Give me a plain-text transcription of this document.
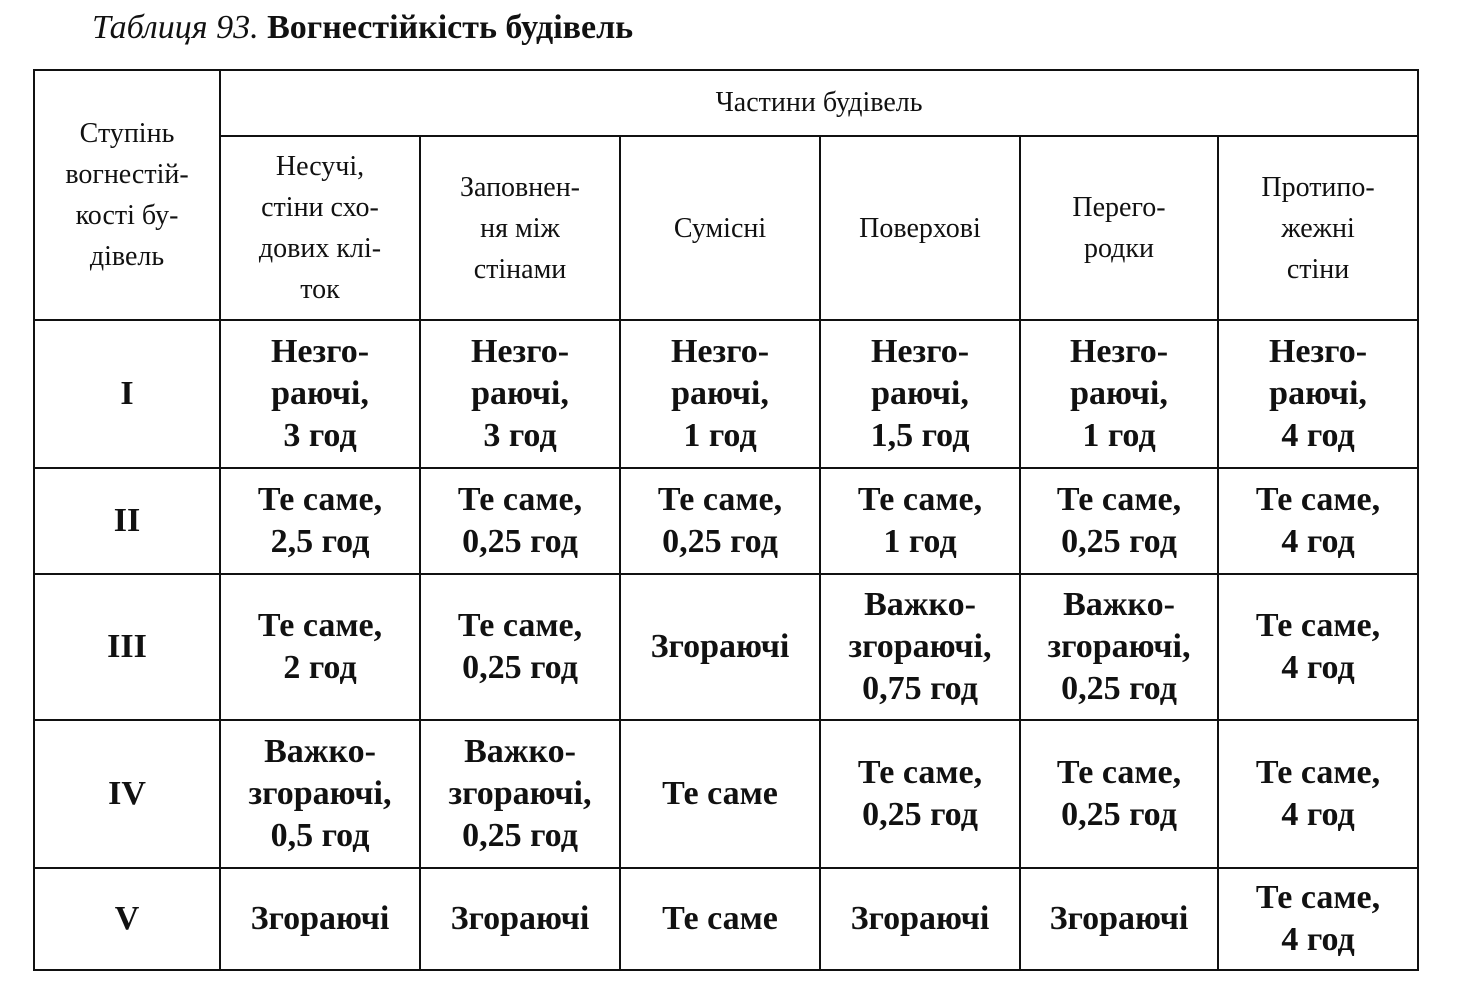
Таблиця 93. Вогнестійкість будівель
Ступінь
вогнестій-
кості бу-
дівель	Частини будівель					
	Несучі,
стіни схо-
дових клі-
ток	Заповнен-
ня між
стінами	Сумісні	Поверхові	Перего-
родки	Протипо-
жежні
стіни
I	Незго-
раючі,
3 год	Незго-
раючі,
3 год	Незго-
раючі,
1 год	Незго-
раючі,
1,5 год	Незго-
раючі,
1 год	Незго-
раючі,
4 год
II	Те саме,
2,5 год	Те саме,
0,25 год	Те саме,
0,25 год	Те саме,
1 год	Те саме,
0,25 год	Те саме,
4 год
III	Те саме,
2 год	Те саме,
0,25 год	Згораючі	Важко-
згораючі,
0,75 год	Важко-
згораючі,
0,25 год	Те саме,
4 год
IV	Важко-
згораючі,
0,5 год	Важко-
згораючі,
0,25 год	Те саме	Те саме,
0,25 год	Те саме,
0,25 год	Те саме,
4 год
V	Згораючі	Згораючі	Те саме	Згораючі	Згораючі	Те саме,
4 год
